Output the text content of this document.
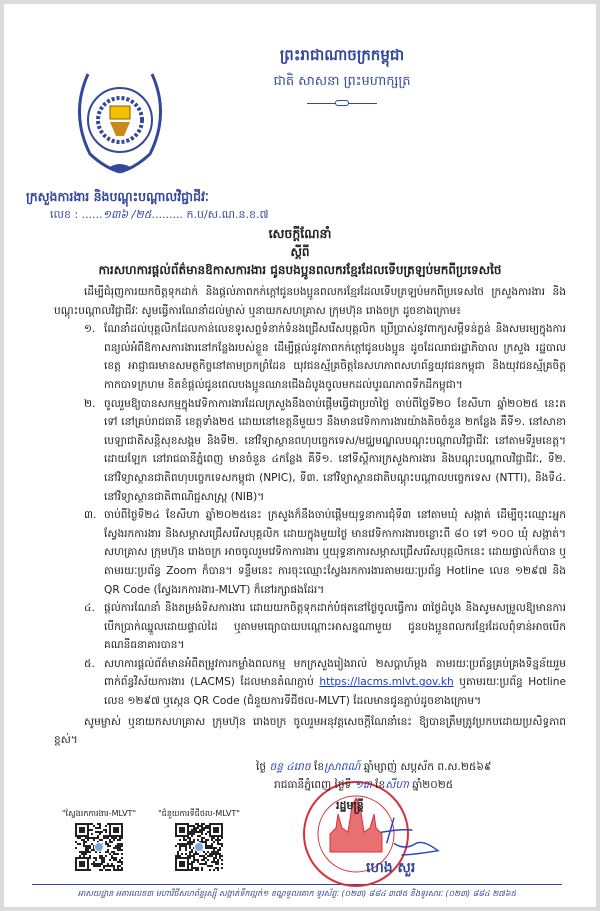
ព្រះរាជាណាចក្រកម្ពុជា
ជាតិ សាសនា ព្រះមហាក្សត្រ
ក្រសួងការងារ និងបណ្តុះបណ្តាលវិជ្ជាជីវៈ
លេខ : ......១៣៦ /២៥......... ក.ប/ស.ណ.ន.ខ.៧
សេចក្តីណែនាំ
ស្តីពី
ការសហការផ្តល់ព័ត៌មានឱកាសការងារ ជូនបងប្អូនពលករខ្មែរដែលទើបត្រឡប់មកពីប្រទេសថៃ

ដើម្បីជំរុញការយកចិត្តទុកដាក់ និងផ្តល់ភាពកក់ក្តៅជូនបងប្អូនពលករខ្មែរដែលទើបត្រឡប់មកពីប្រទេសថៃ ក្រសួងការងារ និងបណ្តុះបណ្តាលវិជ្ជាជីវៈ សូមធ្វើការណែនាំដល់ម្ចាស់ ឬនាយកសហគ្រាស ក្រុមហ៊ុន រោងចក្រ ដូចខាងក្រោម៖

១. ណែនាំដល់បុគ្គលិកដែលកាន់លេខទូរសព្ទទំនាក់ទំនងជ្រើសរើសបុគ្គលិក ប្រើប្រាស់នូវពាក្យសម្តីទន់ភ្លន់ និងសមរម្យក្នុងការពន្យល់អំពីឱកាសការងារនៅកន្លែងរបស់ខ្លួន ដើម្បីផ្តល់នូវភាពកក់ក្តៅជូនបងប្អូន ដូចដែលរាជរដ្ឋាភិបាល ក្រសួង រដ្ឋបាលខេត្ត អាជ្ញាធរមានសមត្ថកិច្ចនៅតាមច្រកព្រំដែន យុវជនស្ម័គ្រចិត្តនៃសហភាពសហព័ន្ធយុវជនកម្ពុជា និងយុវជនស្ម័គ្រចិត្តកាកបាទក្រហម ខិតខំផ្តល់ជូនពេលបងប្អូនឈានជើងដំបូងចូលមកដល់បូរណភាពទឹកដីកម្ពុជា។
២. ចូលរួមឱ្យបានសកម្មក្នុងវេទិកាការងារដែលក្រសួងនឹងចាប់ផ្តើមធ្វើជាប្រចាំថ្ងៃ ចាប់ពីថ្ងៃទី២០ ខែសីហា ឆ្នាំ២០២៥ នេះតទៅ នៅគ្រប់រាជធានី ខេត្តទាំង២៥ ដោយនៅខេត្តនីមួយៗ នឹងមានវេទិកាការងារយ៉ាងតិចចំនួន ២កន្លែង គឺទី១. នៅសាខាបេឡាជាតិសន្តិសុខសង្គម និងទី២. នៅវិទ្យាស្ថានពហុបច្ចេកទេស/មជ្ឈមណ្ឌលបណ្តុះបណ្តាលវិជ្ជាជីវៈ នៅតាមទីរួមខេត្ត។ ដោយឡែក នៅរាជធានីភ្នំពេញ មានចំនួន ៤កន្លែង គឺទី១. នៅទីស្តីការក្រសួងការងារ និងបណ្តុះបណ្តាលវិជ្ជាជីវៈ, ទី២. នៅវិទ្យាស្ថានជាតិពហុបច្ចេកទេសកម្ពុជា (NPIC), ទី៣. នៅវិទ្យាស្ថានជាតិបណ្តុះបណ្តាលបច្ចេកទេស (NTTI), និងទី៤. នៅវិទ្យាស្ថានជាតិពាណិជ្ជសាស្ត្រ (NIB)។
៣. ចាប់ពីថ្ងៃទី២៤ ខែសីហា ឆ្នាំ២០២៥នេះ ក្រសួងក៏នឹងចាប់ផ្តើមយុទ្ធនាការជុំទី៣ នៅតាមឃុំ សង្កាត់ ដើម្បីចុះឈ្មោះអ្នកស្វែងរកការងារ និងសម្ភាសជ្រើសរើសបុគ្គលិក ដោយក្នុងមួយថ្ងៃ មានវេទិកាការងារចន្លោះពី ៨០ ទៅ ១០០ ឃុំ សង្កាត់។ សហគ្រាស ក្រុមហ៊ុន រោងចក្រ អាចចូលរួមវេទិកាការងារ ឬយុទ្ធនាការសម្ភាសជ្រើសរើសបុគ្គលិកនេះ ដោយផ្ទាល់ក៏បាន ឬតាមរយៈប្រព័ន្ធ Zoom ក៏បាន។ ទន្ទឹមនេះ ការចុះឈ្មោះស្វែងរកការងារតាមរយៈប្រព័ន្ធ Hotline លេខ ១២៩៧ និង QR Code (ស្វែងរកការងារ-MLVT) ក៏នៅរក្សាផងដែរ។
៤. ផ្តល់ការណែនាំ និងតម្រង់ទិសការងារ ដោយយកចិត្តទុកដាក់បំផុតនៅថ្ងៃចូលធ្វើការ ៣ថ្ងៃដំបូង និងសូមសម្រួលឱ្យមានការបើកប្រាក់ឈ្នួលដោយផ្ទាល់ដៃ ឬតាមមធ្យោបាយបណ្តោះអាសន្នណាមួយ ជូនបងប្អូនពលករខ្មែរដែលពុំទាន់អាចបើកគណនីធនាគារបាន។
៥. សហការផ្តល់ព័ត៌មានអំពីតម្រូវការកម្លាំងពលកម្ម មកក្រសួងរៀងរាល់ ២សប្តាហ៍ម្តង តាមរយៈប្រព័ន្ធគ្រប់គ្រងទិន្នន័យរួមពាក់ព័ន្ធវិស័យការងារ (LACMS) ដែលមានតំណភ្ជាប់ https://lacms.mlvt.gov.kh ឬតាមរយៈប្រព័ន្ធ Hotline លេខ ១២៩៧ ឬស្កេន QR Code (ជំនួយការទីជីថល-MLVT) ដែលមានជូនភ្ជាប់ដូចខាងក្រោម។

សូមម្ចាស់ ឬនាយកសហគ្រាស ក្រុមហ៊ុន រោងចក្រ ចូលរួមអនុវត្តសេចក្តីណែនាំនេះ ឱ្យបានត្រឹមត្រូវប្រកបដោយប្រសិទ្ធភាពខ្ពស់។

"ស្វែងរកការងារ-MLVT"	"ជំនួយការទីជីថល-MLVT"
ថ្ងៃ ចន្ទ ៤រោច ខែស្រាពណ៍ ឆ្នាំម្សាញ់ សប្តស័ក ព.ស.២៥៦៩
រាជធានីភ្នំពេញ ថ្ងៃទី ១៣ ខែសីហា ឆ្នាំ២០២៥
រដ្ឋមន្ត្រី
ហេង សួរ
អាសយដ្ឋាន អគារលេខ៣ មហាវិថីសហព័ន្ធរុស្ស៊ី សង្កាត់ទឹកល្អក់១ ខណ្ឌទួលគោក ទូរស័ព្ទៈ (០២៣) ៨៨៤ ៣៧៥ និងទូរសារៈ (០២៣) ៨៨៤ ២៧៦៥
